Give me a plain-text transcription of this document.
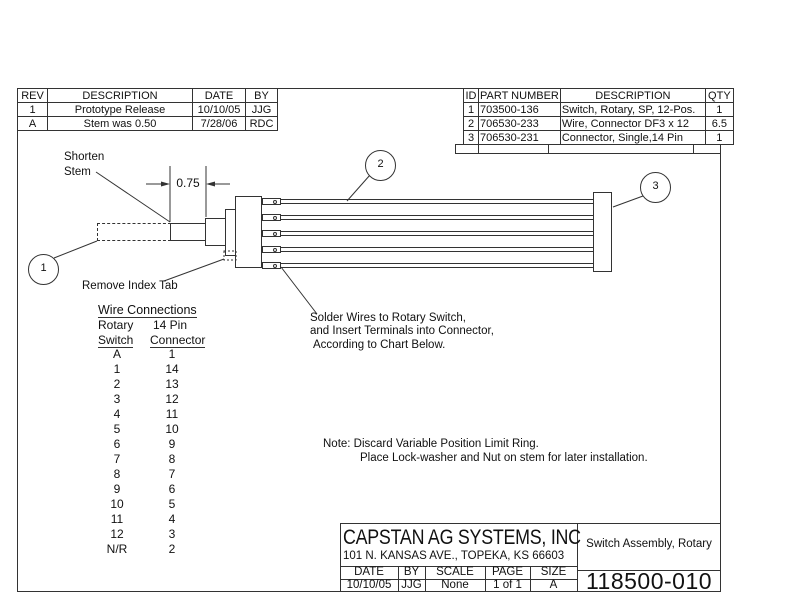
REV	DESCRIPTION	DATE	BY
1	Prototype Release	10/10/05	JJG
A	Stem was 0.50	7/28/06	RDC
ID	PART NUMBER	DESCRIPTION	QTY
1	703500-136	Switch, Rotary, SP, 12-Pos.	1
2	706530-233	Wire, Connector DF3 x 12	6.5
3	706530-231	Connector, Single,14 Pin	1
1
2
3
Shorten
Stem
0.75
Remove Index Tab
Solder Wires to Rotary Switch,
and Insert Terminals into Connector,
According to Chart Below.
Wire Connections
Rotary 14 Pin
Switch Connector
A	1
1	14
2	13
3	12
4	11
5	10
6	9
7	8
8	7
9	6
10	5
11	4
12	3
N/R	2
Note: Discard Variable Position Limit Ring.
Place Lock-washer and Nut on stem for later installation.
CAPSTAN AG SYSTEMS, INC
101 N. KANSAS AVE., TOPEKA, KS 66603
Switch Assembly, Rotary
118500-010
DATE	BY	SCALE	PAGE	SIZE
10/10/05 JJG	None	1 of 1	A
